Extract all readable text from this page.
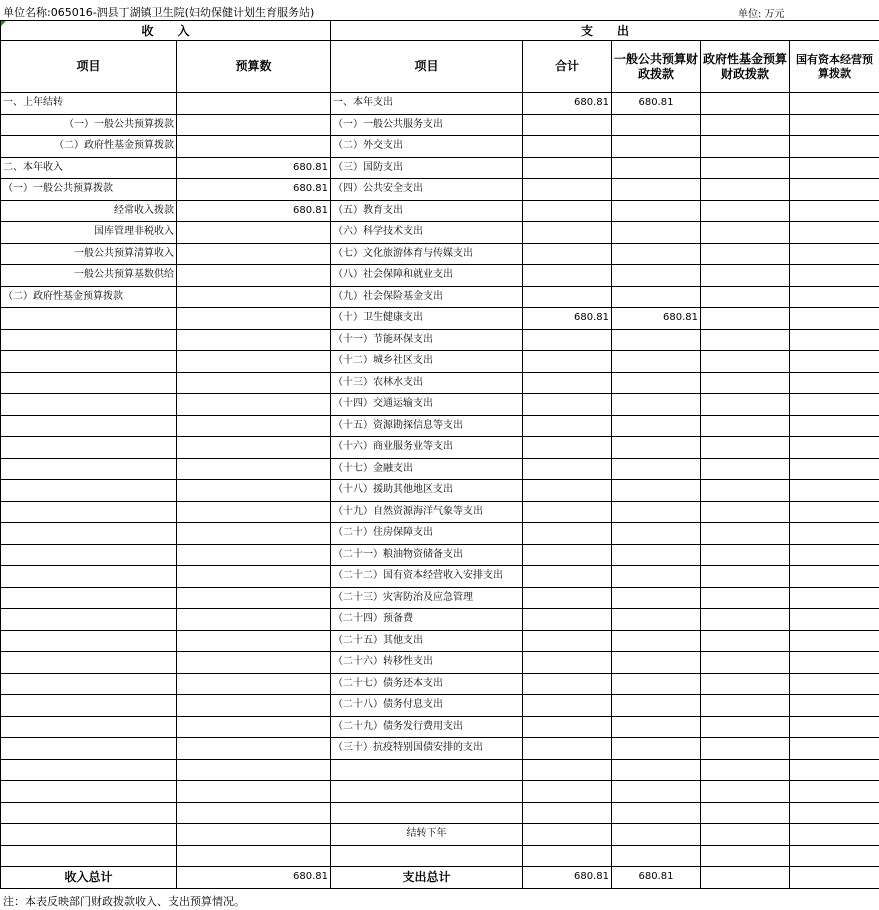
单位名称:065016-泗县丁湖镇卫生院(妇幼保健计划生育服务站)	单位: 万元
收　　入		支　　出				
项目	预算数	项目	合计	一般公共预算财政拨款	政府性基金预算财政拨款	国有资本经营预算拨款
一、上年结转		一、本年支出	680.81	680.81		
（一）一般公共预算拨款		（一）一般公共服务支出				
（二）政府性基金预算拨款		（二）外交支出				
二、本年收入	680.81	（三）国防支出				
（一）一般公共预算拨款	680.81	（四）公共安全支出				
经常收入拨款	680.81	（五）教育支出				
国库管理非税收入		（六）科学技术支出				
一般公共预算清算收入		（七）文化旅游体育与传媒支出				
一般公共预算基数供给		（八）社会保障和就业支出				
（二）政府性基金预算拨款		（九）社会保险基金支出				
		（十）卫生健康支出	680.81	680.81		
		（十一）节能环保支出				
		（十二）城乡社区支出				
		（十三）农林水支出				
		（十四）交通运输支出				
		（十五）资源勘探信息等支出				
		（十六）商业服务业等支出				
		（十七）金融支出				
		（十八）援助其他地区支出				
		（十九）自然资源海洋气象等支出				
		（二十）住房保障支出				
		（二十一）粮油物资储备支出				
		（二十二）国有资本经营收入安排支出				
		（二十三）灾害防治及应急管理				
		（二十四）预备费				
		（二十五）其他支出				
		（二十六）转移性支出				
		（二十七）债务还本支出				
		（二十八）债务付息支出				
		（二十九）债务发行费用支出				
		（三十）抗疫特别国债安排的支出				

		结转下年				

收入总计	680.81	支出总计	680.81	680.81		
注：本表反映部门财政拨款收入、支出预算情况。
